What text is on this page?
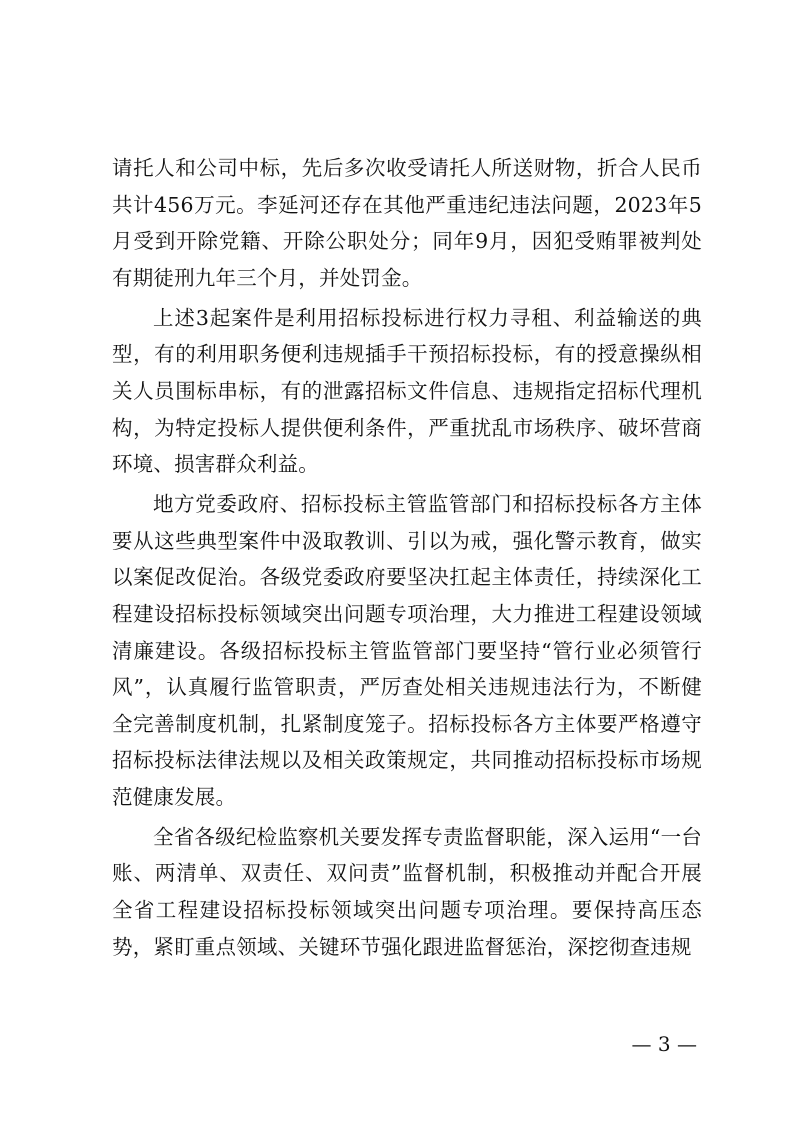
请托人和公司中标，先后多次收受请托人所送财物，折合人民币共计456万元。李延河还存在其他严重违纪违法问题，2023年5月受到开除党籍、开除公职处分；同年9月，因犯受贿罪被判处有期徒刑九年三个月，并处罚金。

上述3起案件是利用招标投标进行权力寻租、利益输送的典型，有的利用职务便利违规插手干预招标投标，有的授意操纵相关人员围标串标，有的泄露招标文件信息、违规指定招标代理机构，为特定投标人提供便利条件，严重扰乱市场秩序、破坏营商环境、损害群众利益。

地方党委政府、招标投标主管监管部门和招标投标各方主体要从这些典型案件中汲取教训、引以为戒，强化警示教育，做实以案促改促治。各级党委政府要坚决扛起主体责任，持续深化工程建设招标投标领域突出问题专项治理，大力推进工程建设领域清廉建设。各级招标投标主管监管部门要坚持“管行业必须管行风”，认真履行监管职责，严厉查处相关违规违法行为，不断健全完善制度机制，扎紧制度笼子。招标投标各方主体要严格遵守招标投标法律法规以及相关政策规定，共同推动招标投标市场规范健康发展。

全省各级纪检监察机关要发挥专责监督职能，深入运用“一台账、两清单、双责任、双问责”监督机制，积极推动并配合开展全省工程建设招标投标领域突出问题专项治理。要保持高压态势，紧盯重点领域、关键环节强化跟进监督惩治，深挖彻查违规

— 3 —
